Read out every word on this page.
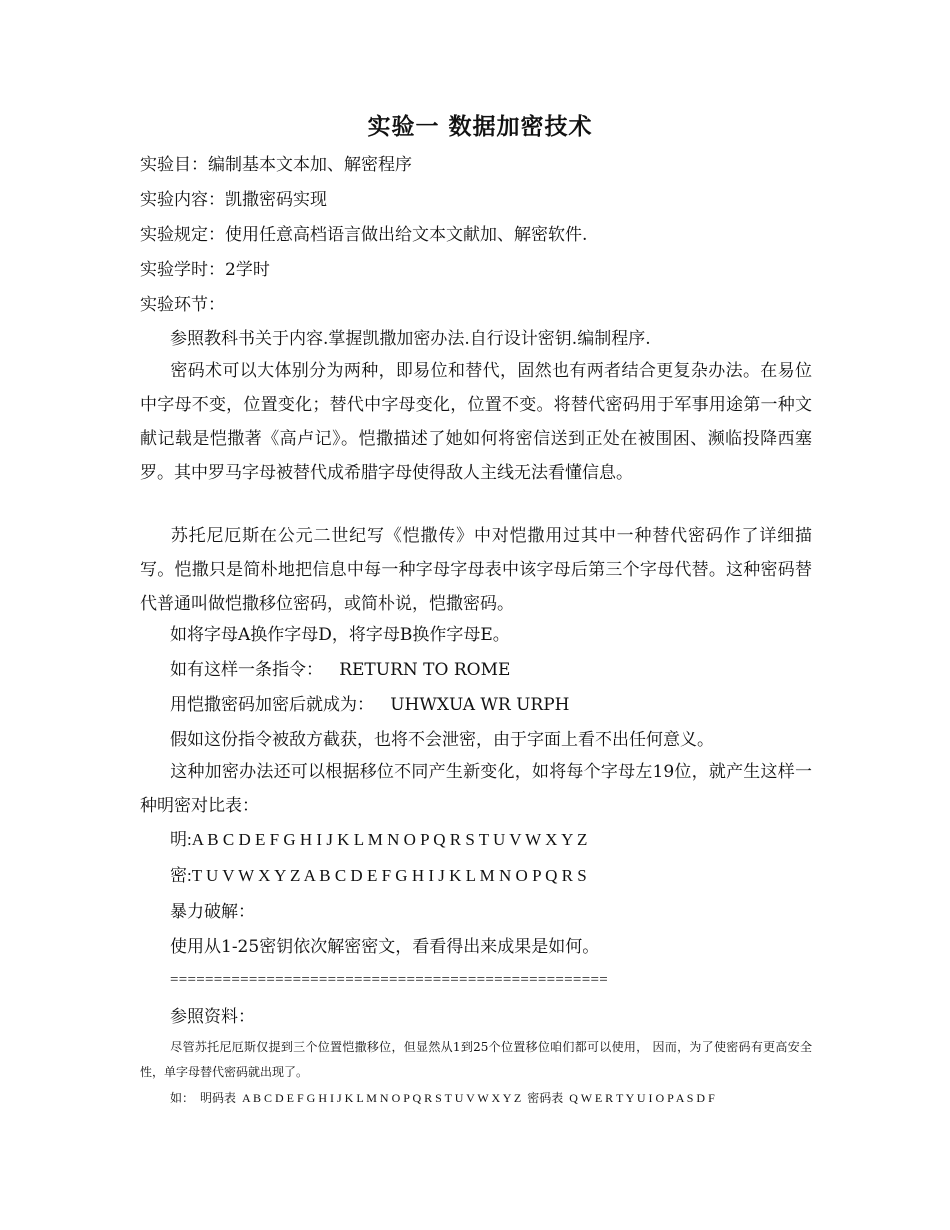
实验一 数据加密技术
实验目：编制基本文本加、解密程序
实验内容：凯撒密码实现
实验规定：使用任意高档语言做出给文本文献加、解密软件.
实验学时：2学时
实验环节：
参照教科书关于内容.掌握凯撒加密办法.自行设计密钥.编制程序.
密码术可以大体别分为两种，即易位和替代，固然也有两者结合更复杂办法。在易位中字母不变，位置变化；替代中字母变化，位置不变。将替代密码用于军事用途第一种文献记载是恺撒著《高卢记》。恺撒描述了她如何将密信送到正处在被围困、濒临投降西塞罗。其中罗马字母被替代成希腊字母使得敌人主线无法看懂信息。
苏托尼厄斯在公元二世纪写《恺撒传》中对恺撒用过其中一种替代密码作了详细描写。恺撒只是简朴地把信息中每一种字母字母表中该字母后第三个字母代替。这种密码替代普通叫做恺撒移位密码，或简朴说，恺撒密码。
如将字母A换作字母D，将字母B换作字母E。
如有这样一条指令：   RETURN TO ROME
用恺撒密码加密后就成为：   UHWXUA WR URPH
假如这份指令被敌方截获，也将不会泄密，由于字面上看不出任何意义。
这种加密办法还可以根据移位不同产生新变化，如将每个字母左19位，就产生这样一种明密对比表：
明:A B C D E F G H I J K L M N O P Q R S T U V W X Y Z
密:T U V W X Y Z A B C D E F G H I J K L M N O P Q R S
暴力破解：
使用从1-25密钥依次解密密文，看看得出来成果是如何。
==================================================
参照资料：
尽管苏托尼厄斯仅提到三个位置恺撒移位，但显然从1到25个位置移位咱们都可以使用， 因而，为了使密码有更高安全性，单字母替代密码就出现了。
如：  明码表  A B C D E F G H I J K L M N O P Q R S T U V W X Y Z  密码表  Q W E R T Y U I O P A S D F
